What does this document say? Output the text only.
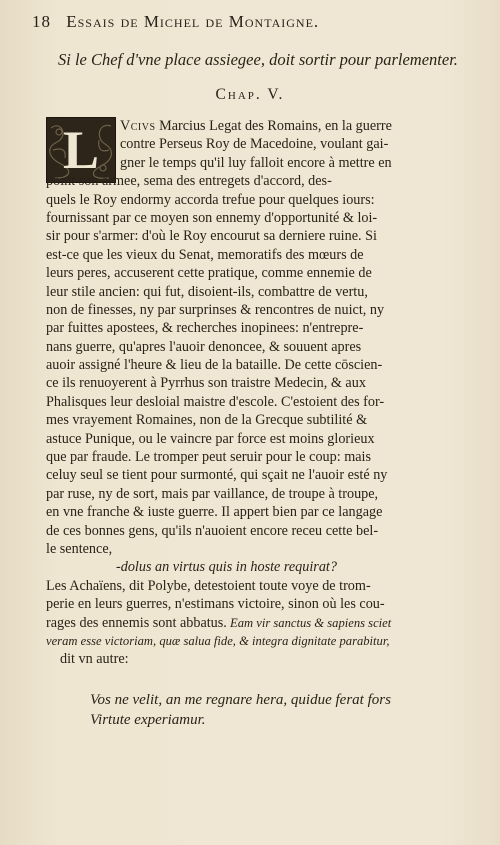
18 Essais de Michel de Montaigne.
Si le Chef d'vne place assiegee, doit sortir pour parlementer.
Chap. V.
L	Vcivs Marcius Legat des Romains, en la guerre
contre Perseus Roy de Macedoine, voulant gai-
gner le temps qu'il luy falloit encore à mettre en
point son armee, sema des entregets d'accord, des-
quels le Roy endormy accorda trefue pour quelques iours:
fournissant par ce moyen son ennemy d'opportunité & loi-
sir pour s'armer: d'où le Roy encourut sa derniere ruine. Si
est-ce que les vieux du Senat, memoratifs des mœurs de
leurs peres, accuserent cette pratique, comme ennemie de
leur stile ancien: qui fut, disoient-ils, combattre de vertu,
non de finesses, ny par surprinses & rencontres de nuict, ny
par fuittes apostees, & recherches inopinees: n'entrepre-
nans guerre, qu'apres l'auoir denoncee, & souuent apres
auoir assigné l'heure & lieu de la bataille. De cette cōscien-
ce ils renuoyerent à Pyrrhus son traistre Medecin, & aux
Phalisques leur desloial maistre d'escole. C'estoient des for-
mes vrayement Romaines, non de la Grecque subtilité &
astuce Punique, ou le vaincre par force est moins glorieux
que par fraude. Le tromper peut seruir pour le coup: mais
celuy seul se tient pour surmonté, qui sçait ne l'auoir esté ny
par ruse, ny de sort, mais par vaillance, de troupe à troupe,
en vne franche & iuste guerre. Il appert bien par ce langage
de ces bonnes gens, qu'ils n'auoient encore receu cette bel-
le sentence,
-dolus an virtus quis in hoste requirat?
Les Achaïens, dit Polybe, detestoient toute voye de trom-
perie en leurs guerres, n'estimans victoire, sinon où les cou-
rages des ennemis sont abbatus. Eam vir sanctus & sapiens sciet
veram esse victoriam, quæ salua fide, & integra dignitate parabitur,
dit vn autre:
Vos ne velit, an me regnare hera, quidue ferat fors
Virtute experiamur.
